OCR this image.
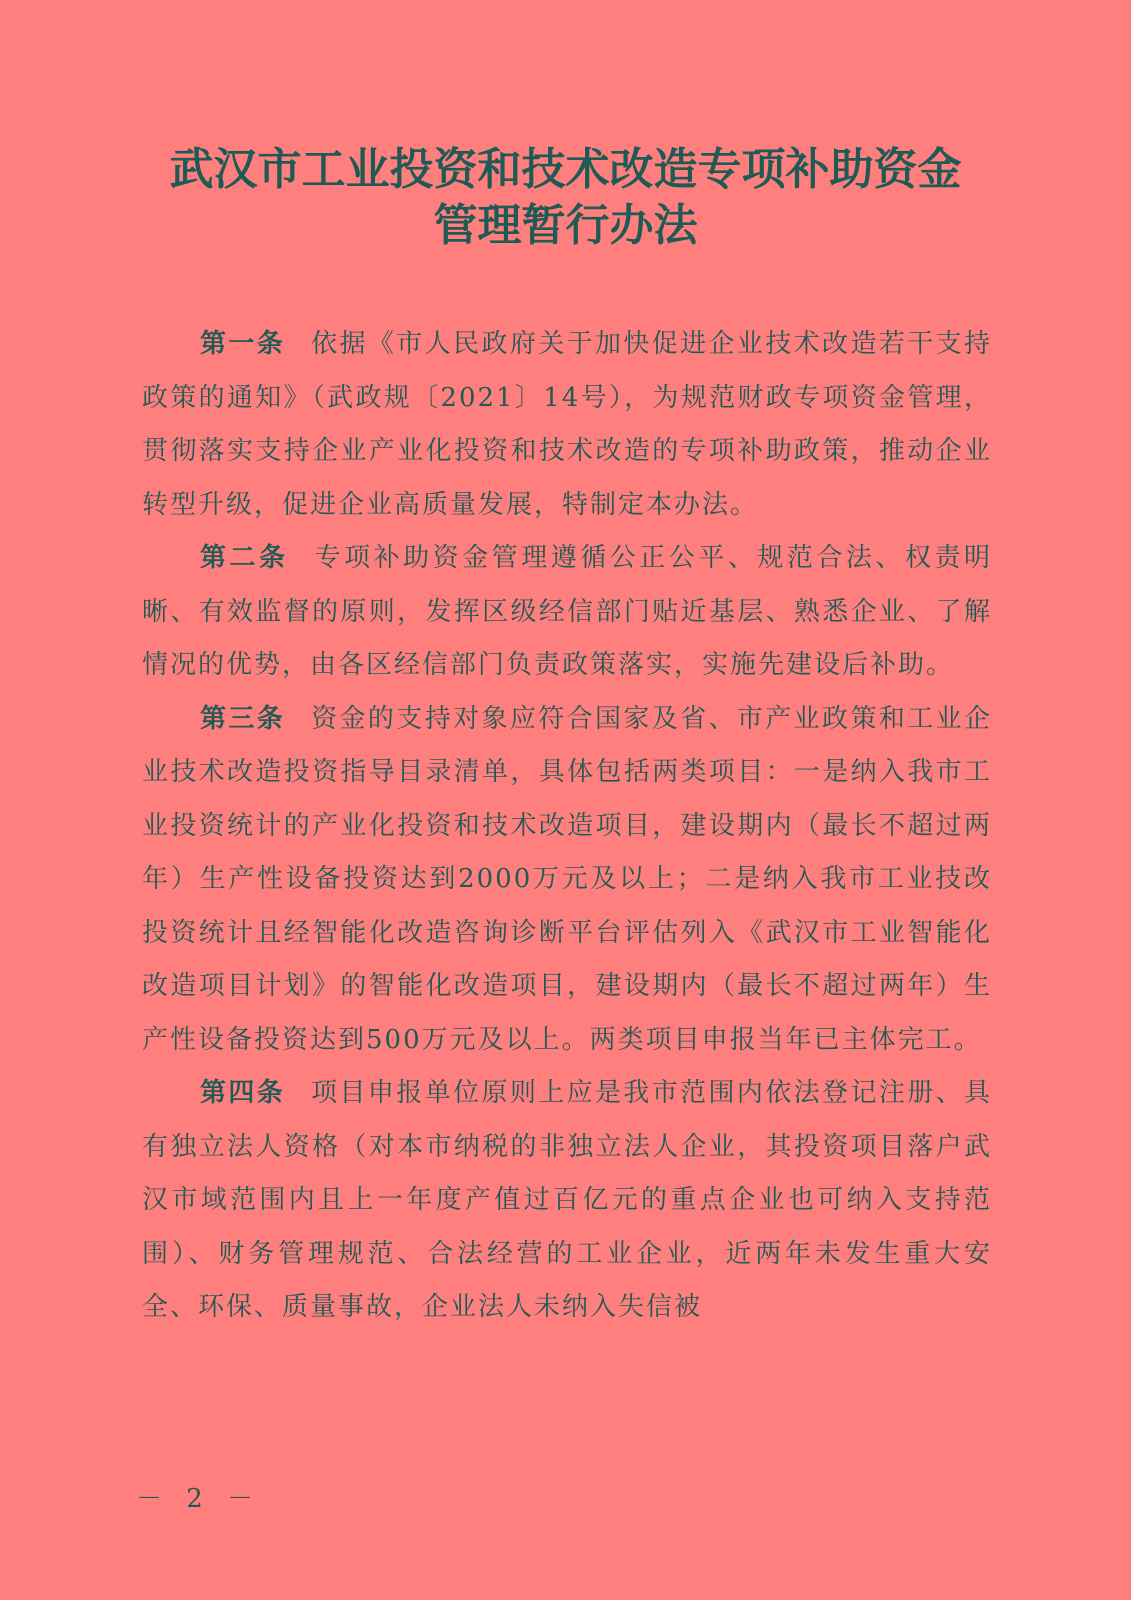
武汉市工业投资和技术改造专项补助资金
管理暂行办法

第一条 依据《市人民政府关于加快促进企业技术改造若干支持政策的通知》（武政规〔2021〕14号），为规范财政专项资金管理，贯彻落实支持企业产业化投资和技术改造的专项补助政策，推动企业转型升级，促进企业高质量发展，特制定本办法。

第二条 专项补助资金管理遵循公正公平、规范合法、权责明晰、有效监督的原则，发挥区级经信部门贴近基层、熟悉企业、了解情况的优势，由各区经信部门负责政策落实，实施先建设后补助。

第三条 资金的支持对象应符合国家及省、市产业政策和工业企业技术改造投资指导目录清单，具体包括两类项目：一是纳入我市工业投资统计的产业化投资和技术改造项目，建设期内（最长不超过两年）生产性设备投资达到2000万元及以上；二是纳入我市工业技改投资统计且经智能化改造咨询诊断平台评估列入《武汉市工业智能化改造项目计划》的智能化改造项目，建设期内（最长不超过两年）生产性设备投资达到500万元及以上。两类项目申报当年已主体完工。

第四条 项目申报单位原则上应是我市范围内依法登记注册、具有独立法人资格（对本市纳税的非独立法人企业，其投资项目落户武汉市域范围内且上一年度产值过百亿元的重点企业也可纳入支持范围）、财务管理规范、合法经营的工业企业，近两年未发生重大安全、环保、质量事故，企业法人未纳入失信被

－ 2 －
